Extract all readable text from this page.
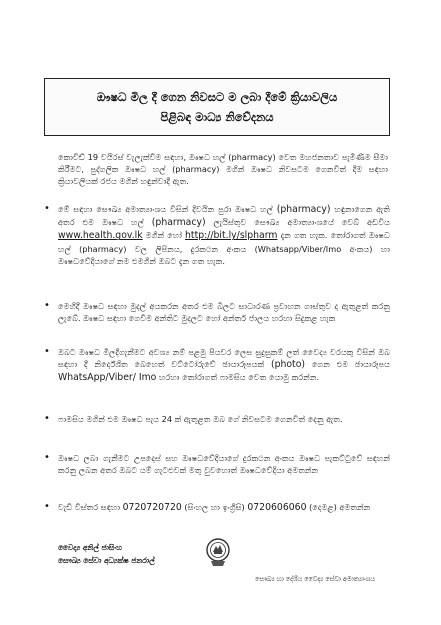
ඖෂධ මිල දී ගෙන නිවසට ම ලබා දීමේ ක්‍රියාවලිය
පිළිබඳ මාධ්‍ය නිවේදනය
කොවිඩ් 19 වයිරස් වැලැක්වීම සඳහා, ඖෂධ හල් (pharmacy) වෙත මහජනතාව පැමිණීම සීමා කිරීමට, පුද්ගලික ඖෂධ හල් (pharmacy) මගින් ඖෂධ නිවසටම ගෙනවිත් දීම සඳහා ක්‍රියාවලියක් රජය මගින් හඳුන්වාදී ඇත.
• මේ සඳහා සෞඛ්‍ය අමාත්‍යාංශය විසින් දිවයින පුරා ඖෂධ හල් (pharmacy) හඳුනාගෙන ඇති අතර එම ඖෂධ හල් (pharmacy) ලැයිස්තුව සෞඛ්‍ය අමාත්‍යාංශයේ වෙබ් අඩවිය www.health.gov.lk මගින් හෝ http://bit.ly/slpharm දැන ගත හැක. තෝරාගත් ඖෂධ හල් (pharmacy) වල ලිපිනය, දුරකථන අංකය (Whatsapp/Viber/Imo අංකය) හා ඖෂධවේදියාගේ නම එමගින් ඔබට දැන ගත හැක.
• මෙහිදී ඖෂධ සඳහා මුදල් අයකරන අතර එම බිලට සාධාරණ ප්‍රවාහන ගාස්තුව ද ඇතුළත් කරනු ලැබේ. ඖෂධ සඳහා ගෙවීම අන්තිට මුදලට හෝ අන්තර් ජාලය හරහා සිදුකළ හැක
• ඔබට ඖෂධ මිලදීගැනීමට අවශ්‍ය නම් පළමු පියවර ලෙස සුදුසුකම් ලත් වෛද්‍ය වරයකු විසින් ඔබ සඳහා දී නිර්දේශිත බෙහෙත් වට්ටෝරුවේ ඡායාරූපයක් (photo) ගෙන එම ඡායාරූපය WhatsApp/Viber/ Imo හරහා තෝරාගත් ෆාමසිය වෙත යොමු කරන්න.
• ෆාමසිය මගින් එම ඖෂධ පැය 24 ක් ඇතුළත ඔබ ගේ නිවසටම ගෙනවිත් දෙනු ඇත.
• ඖෂධ ලබා ගැනීමට උපදෙස් සහ ඖෂධවේදියාගේ දුරකථන අංකය ඖෂධ පැකට්ටුවේ සඳහන් කරනු ලබන අතර ඔබට යම් ගැටළුවක් මතු වුවහොත් ඖෂධවේදියා අමතන්න
• වැඩි විස්තර සඳහා 0720720720 (සිංහල හා ඉංග්‍රීසි) 0720606060 (දෙමළ) අමතන්න
වෛද්‍ය අනිල් ජාසිංහ
සෞඛ්‍ය සේවා අධ්‍යක්ෂ ජනරාල්
සෞඛ්‍ය හා දේශීය වෛද්‍ය සේවා අමාත්‍යාංශය
